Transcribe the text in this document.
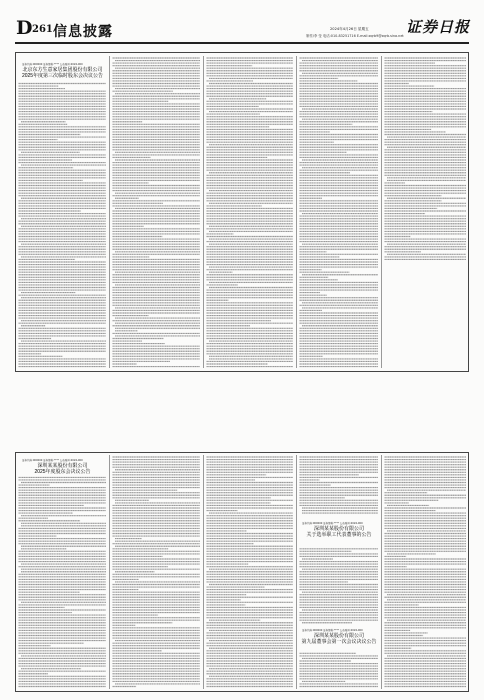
D 261 信息披露	2024年4月26日 星期五
制作/李 莹 电话:010-83251716 E-mail:zqrb9@zqrb.sina.net 证券日报
证券代码:000000 证券简称:**** 公告编号:2024-000
北京东方生意家居集团股份有限公司
2025年度第三次临时股东会决议公告
证券代码:000000 证券简称:**** 公告编号:2024-000
深圳某某股份有限公司
2025年度股东会决议公告
证券代码:000000 证券简称:**** 公告编号:2024-000
深圳某某股份有限公司
关于选举职工代表董事的公告
证券代码:000000 证券简称:**** 公告编号:2024-000
深圳某某股份有限公司
第九届董事会第一次会议决议公告
